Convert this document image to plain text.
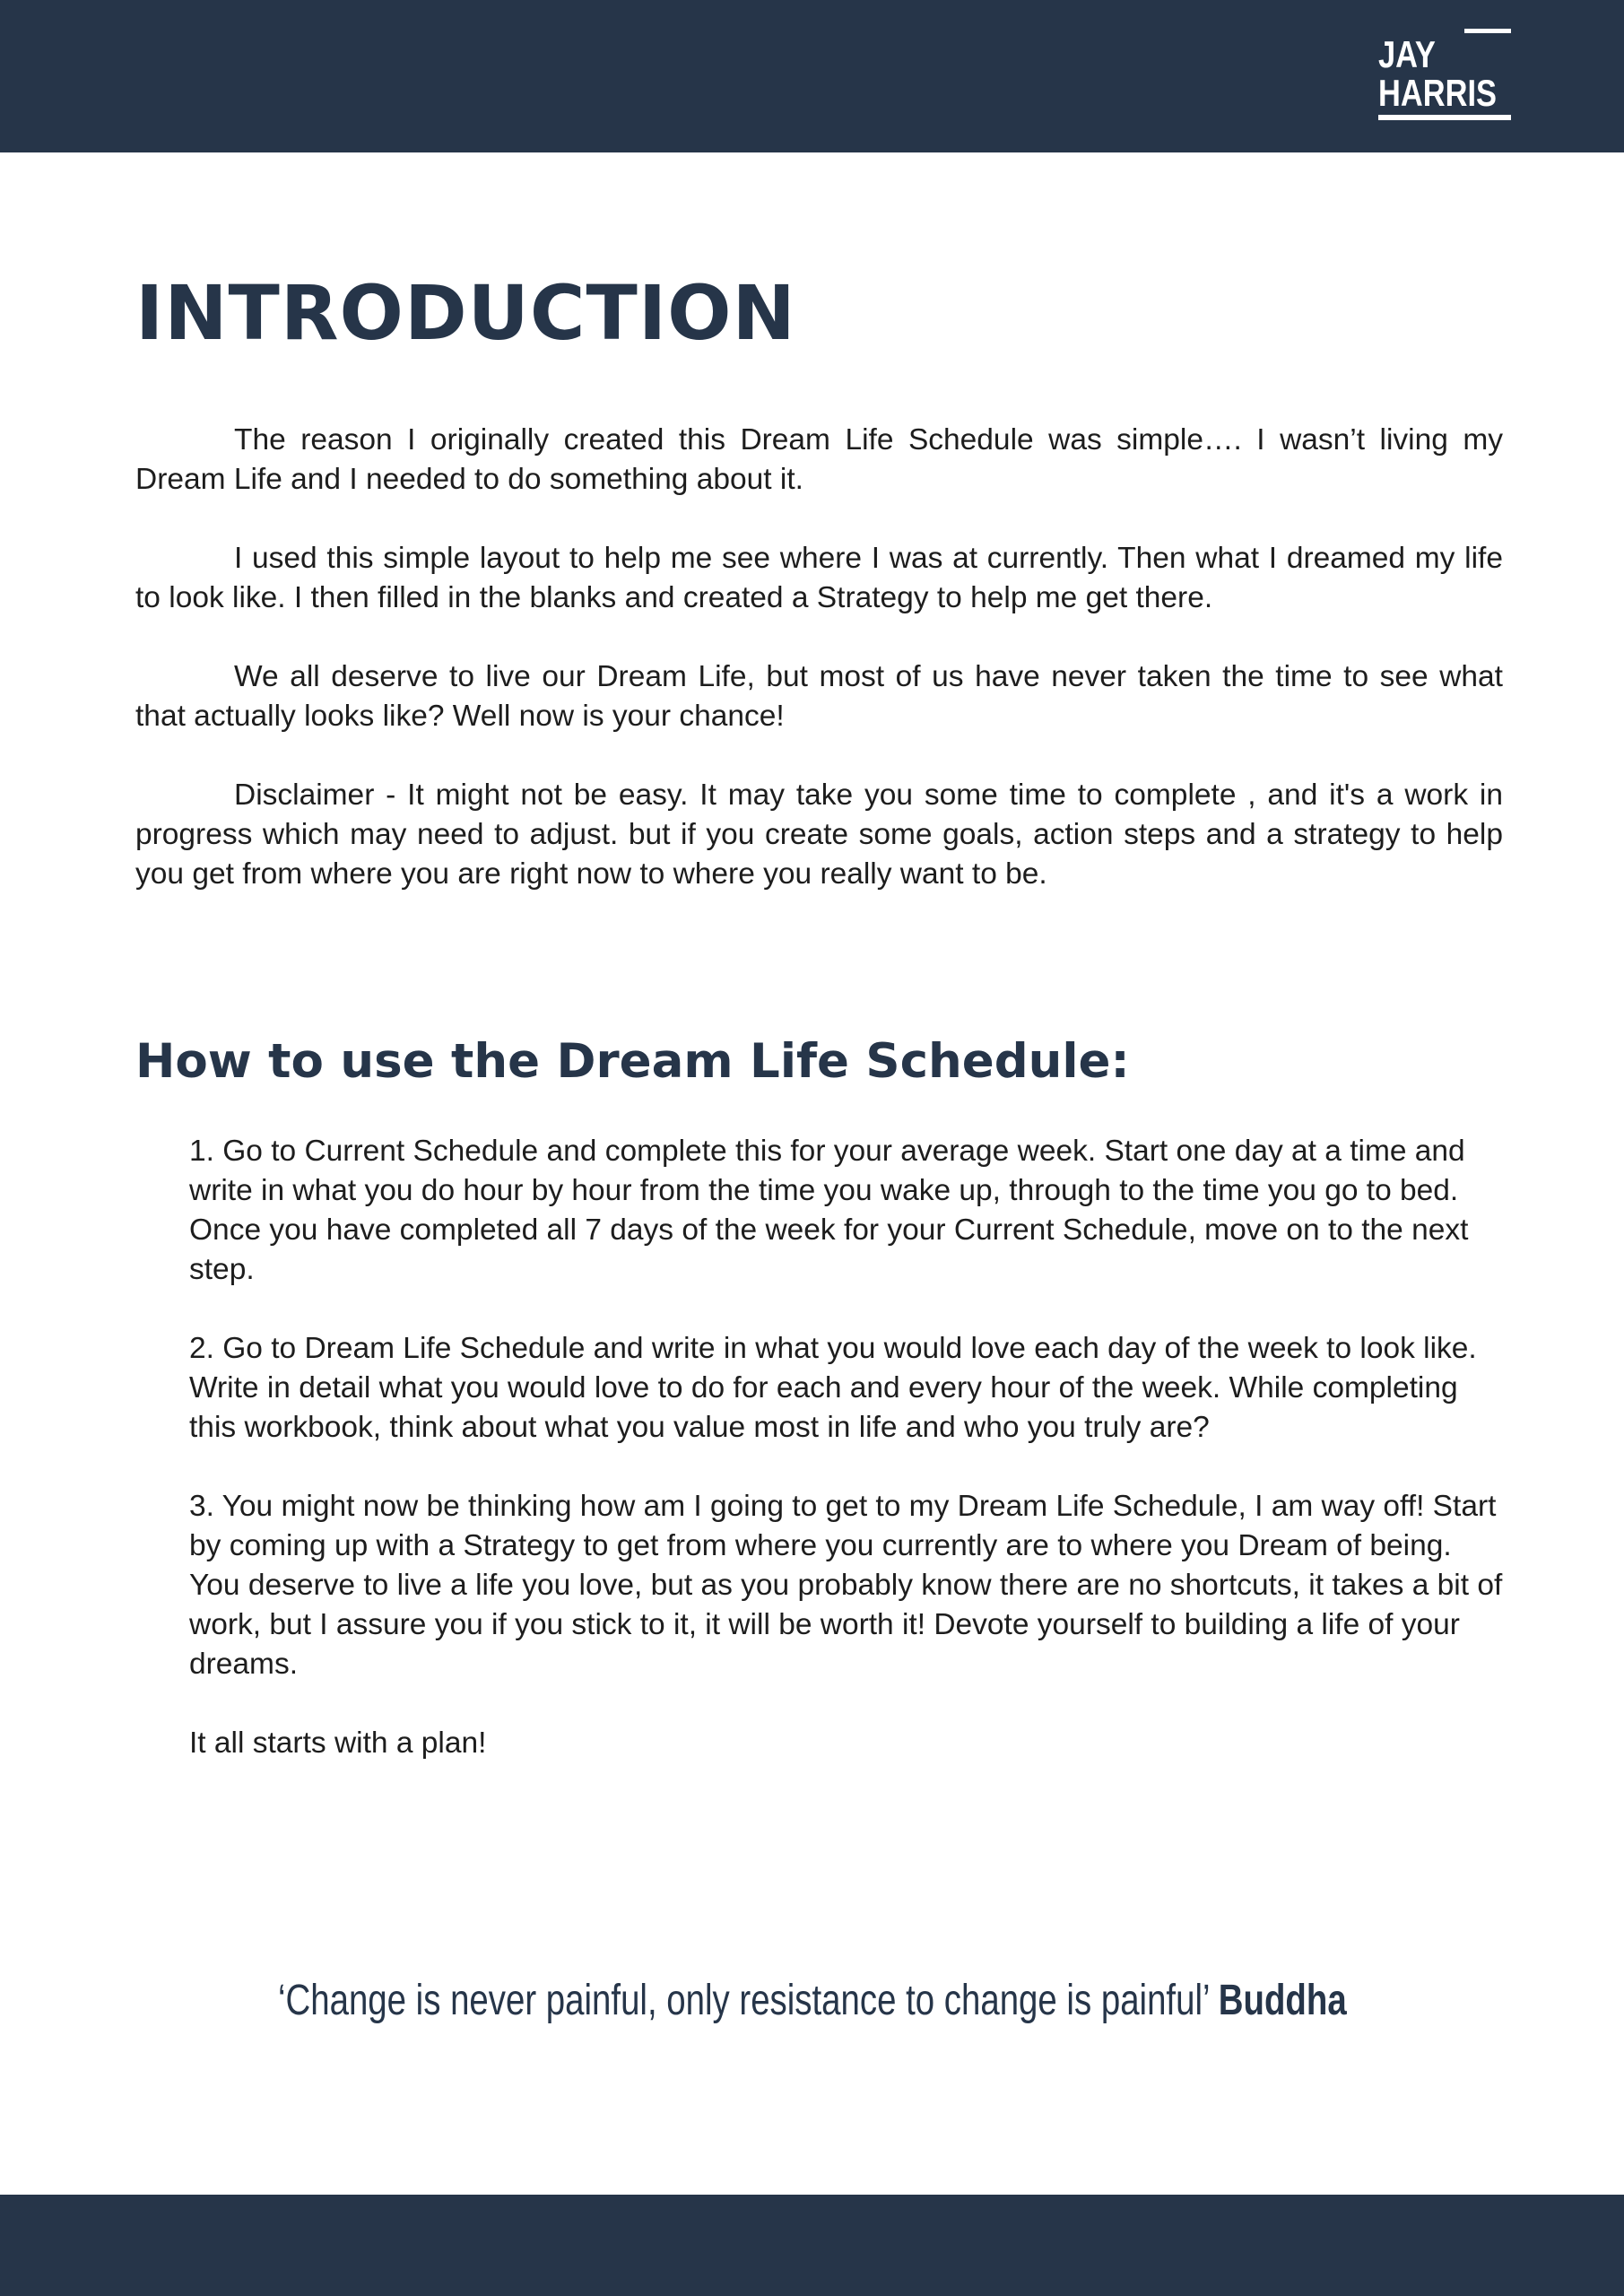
JAY
HARRIS
INTRODUCTION

The reason I originally created this Dream Life Schedule was simple…. I wasn’t living my Dream Life and I needed to do something about it.

I used this simple layout to help me see where I was at currently. Then what I dreamed my life to look like. I then filled in the blanks and created a Strategy to help me get there.

We all deserve to live our Dream Life, but most of us have never taken the time to see what that actually looks like? Well now is your chance!

Disclaimer - It might not be easy. It may take you some time to complete , and it's a work in progress which may need to adjust. but if you create some goals, action steps and a strategy to help you get from where you are right now to where you really want to be.

How to use the Dream Life Schedule:

1. Go to Current Schedule and complete this for your average week. Start one day at a time and write in what you do hour by hour from the time you wake up, through to the time you go to bed. Once you have completed all 7 days of the week for your Current Schedule, move on to the next step.

2. Go to Dream Life Schedule and write in what you would love each day of the week to look like. Write in detail what you would love to do for each and every hour of the week. While completing this workbook, think about what you value most in life and who you truly are?

3. You might now be thinking how am I going to get to my Dream Life Schedule, I am way off! Start by coming up with a Strategy to get from where you currently are to where you Dream of being.

You deserve to live a life you love, but as you probably know there are no shortcuts, it takes a bit of work, but I assure you if you stick to it, it will be worth it! Devote yourself to building a life of your dreams.

It all starts with a plan!

‘Change is never painful, only resistance to change is painful’ Buddha
